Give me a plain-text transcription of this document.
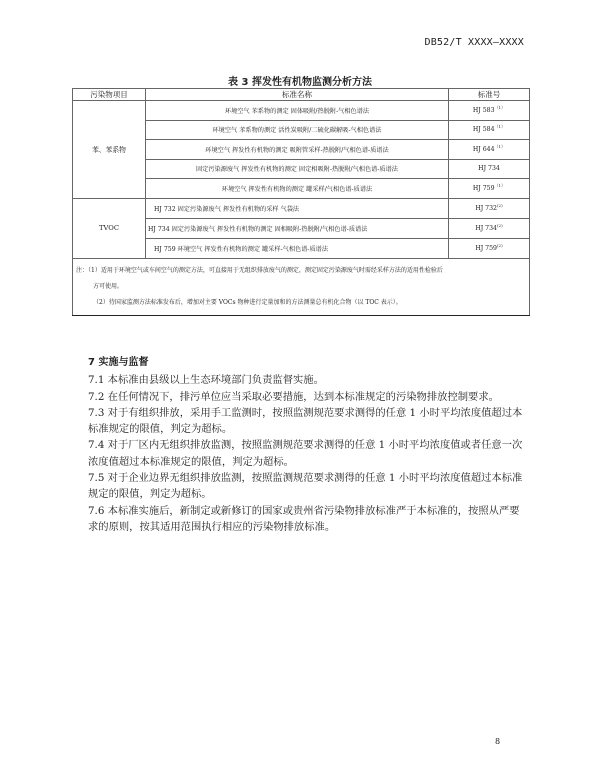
DB52/T XXXX—XXXX
表 3 挥发性有机物监测分析方法
污染物项目	标准名称	标准号
苯、苯系物	环境空气 苯系物的测定 固体吸附/热脱附-气相色谱法	HJ $583^{(1)}$
	环境空气 苯系物的测定 活性炭吸附/二硫化碳解吸-气相色谱法	HJ $584^{(1)}$
	环境空气 挥发性有机物的测定 吸附管采样-热脱附/气相色谱-质谱法	HJ $644^{(1)}$
	固定污染源废气 挥发性有机物的测定 固定相吸附-热脱附/气相色谱-质谱法	HJ 734
	环境空气 挥发性有机物的测定 罐采样/气相色谱-质谱法	HJ $759^{(1)}$
TVOC	HJ 732 固定污染源废气 挥发性有机物的采样 气袋法	HJ 732$^{(2)}$
	HJ 734 固定污染源废气 挥发性有机物的测定 固相吸附-热脱附/气相色谱-质谱法	HJ 734$^{(2)}$
	HJ 759 环境空气 挥发性有机物的测定 罐采样-气相色谱-质谱法	HJ 759$^{(2)}$

注：（1）适用于环境空气或车间空气的测定方法，可直接用于无组织排放废气的测定，测定固定污染源废气时需经采样方法的适用性检验后
方可使用。
（2）待国家监测方法标准发布后，增加对主要 VOCs 物种进行定量加和的方法测量总有机化合物（以 TOC 表示）。		

7 实施与监督

7.1 本标准由县级以上生态环境部门负责监督实施。

7.2 在任何情况下，排污单位应当采取必要措施，达到本标准规定的污染物排放控制要求。

7.3 对于有组织排放，采用手工监测时，按照监测规范要求测得的任意 1 小时平均浓度值超过本标准规定的限值，判定为超标。

7.4 对于厂区内无组织排放监测，按照监测规范要求测得的任意 1 小时平均浓度值或者任意一次浓度值超过本标准规定的限值，判定为超标。

7.5 对于企业边界无组织排放监测，按照监测规范要求测得的任意 1 小时平均浓度值超过本标准规定的限值，判定为超标。

7.6 本标准实施后，新制定或新修订的国家或贵州省污染物排放标准严于本标准的，按照从严要求的原则，按其适用范围执行相应的污染物排放标准。

8
